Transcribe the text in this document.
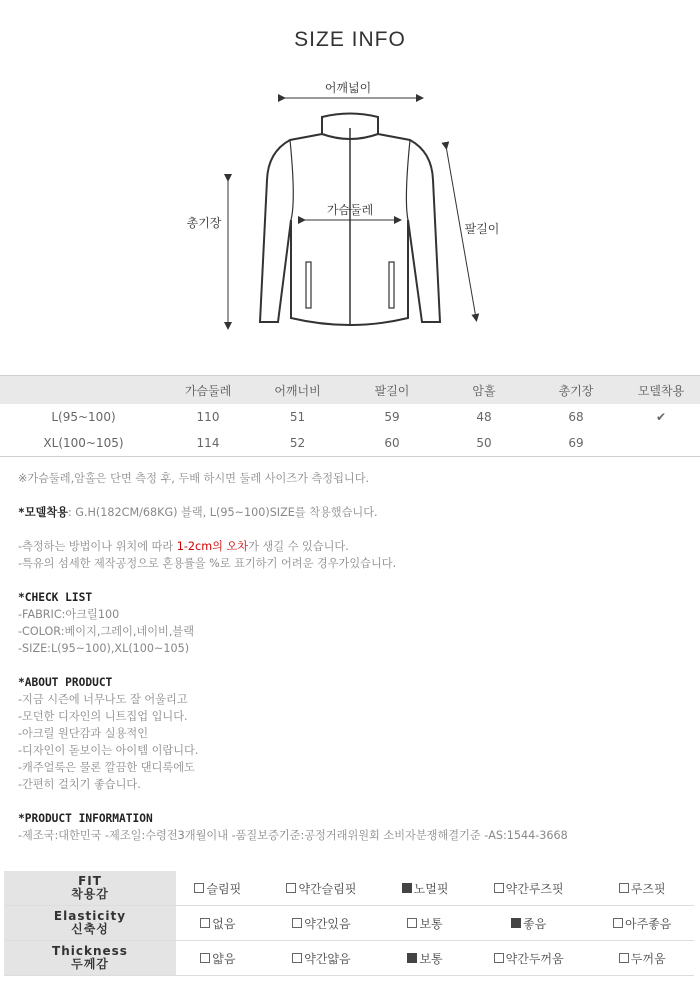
SIZE INFO
어깨넓이
가슴둘레
총기장	팔길이
	가슴둘레	어깨너비	팔길이	암홀	총기장	모델착용
L(95~100)	110	51	59	48	68	✔
XL(100~105)	114	52	60	50	69	

※가슴둘레,암홀은 단면 측정 후, 두배 하시면 둘레 사이즈가 측정됩니다.

*모델착용: G.H(182CM/68KG) 블랙, L(95~100)SIZE를 착용했습니다.

-측정하는 방법이나 위치에 따라 1-2cm의 오차가 생길 수 있습니다.

-특유의 섬세한 제작공정으로 혼용률을 %로 표기하기 어려운 경우가있습니다.

*CHECK LIST

-FABRIC:아크릴100

-COLOR:베이지,그레이,네이비,블랙

-SIZE:L(95~100),XL(100~105)

*ABOUT PRODUCT

-지금 시즌에 너무나도 잘 어울리고

-모던한 디자인의 니트집업 입니다.

-아크릴 원단감과 실용적인

-디자인이 돋보이는 아이템 이랍니다.

-캐주얼룩은 물론 깔끔한 댄디룩에도

-간편히 걸치기 좋습니다.

*PRODUCT INFORMATION

-제조국:대한민국 -제조일:수령전3개월이내 -품질보증기준:공정거래위원회 소비자분쟁해결기준 -AS:1544-3668

FIT
착용감	슬림핏	약간슬림핏	노멀핏	약간루즈핏	루즈핏
Elasticity
신축성	없음	약간있음	보통	좋음	아주좋음
Thickness
두께감	얇음	약간얇음	보통	약간두꺼움	두꺼움
